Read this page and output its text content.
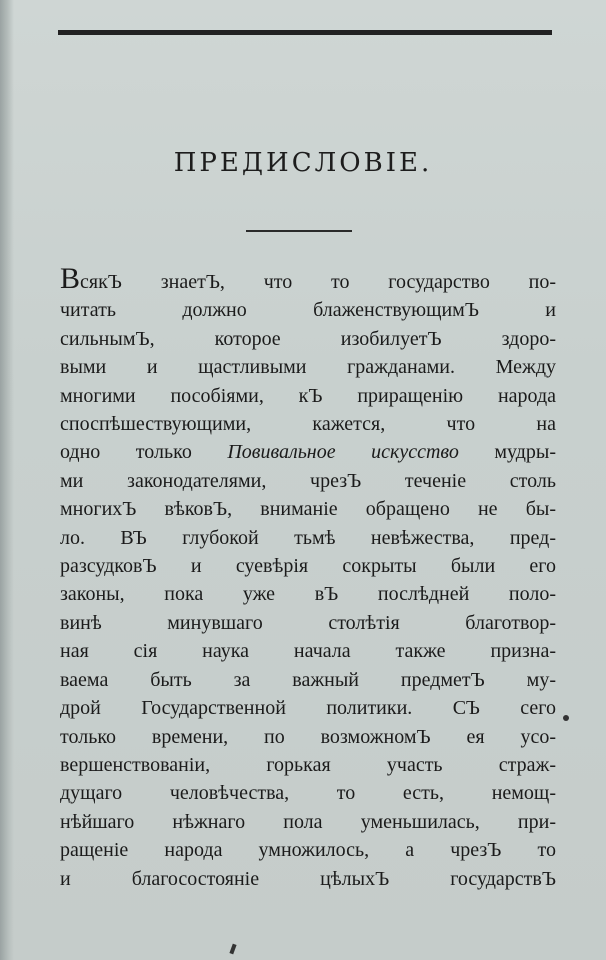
ПРЕДИСЛОВІЕ.
ВсякЪ знаетЪ, что то государство по-
читать должно блаженствующимЪ и
сильнымЪ, которое изобилуетЪ здоро-
выми и щастливыми гражданами. Между
многими пособіями, кЪ приращенію народа
споспѣшествующими, кажется, что на
одно только Повивальное искусство мудры-
ми законодателями, чрезЪ теченіе столь
многихЪ вѣковЪ, вниманіе обращено не бы-
ло. ВЪ глубокой тьмѣ невѣжества, пред-
разсудковЪ и суевѣрія сокрыты были его
законы, пока уже вЪ послѣдней поло-
винѣ минувшаго столѣтія благотвор-
ная сія наука начала также призна-
ваема быть за важный предметЪ му-
дрой Государственной политики. СЪ сего
только времени, по возможномЪ ея усо-
вершенствованіи, горькая участь страж-
дущаго человѣчества, то есть, немощ-
нѣйшаго нѣжнаго пола уменьшилась, при-
ращеніе народа умножилось, а чрезЪ то
и благосостояніе цѣлыхЪ государствЪ
